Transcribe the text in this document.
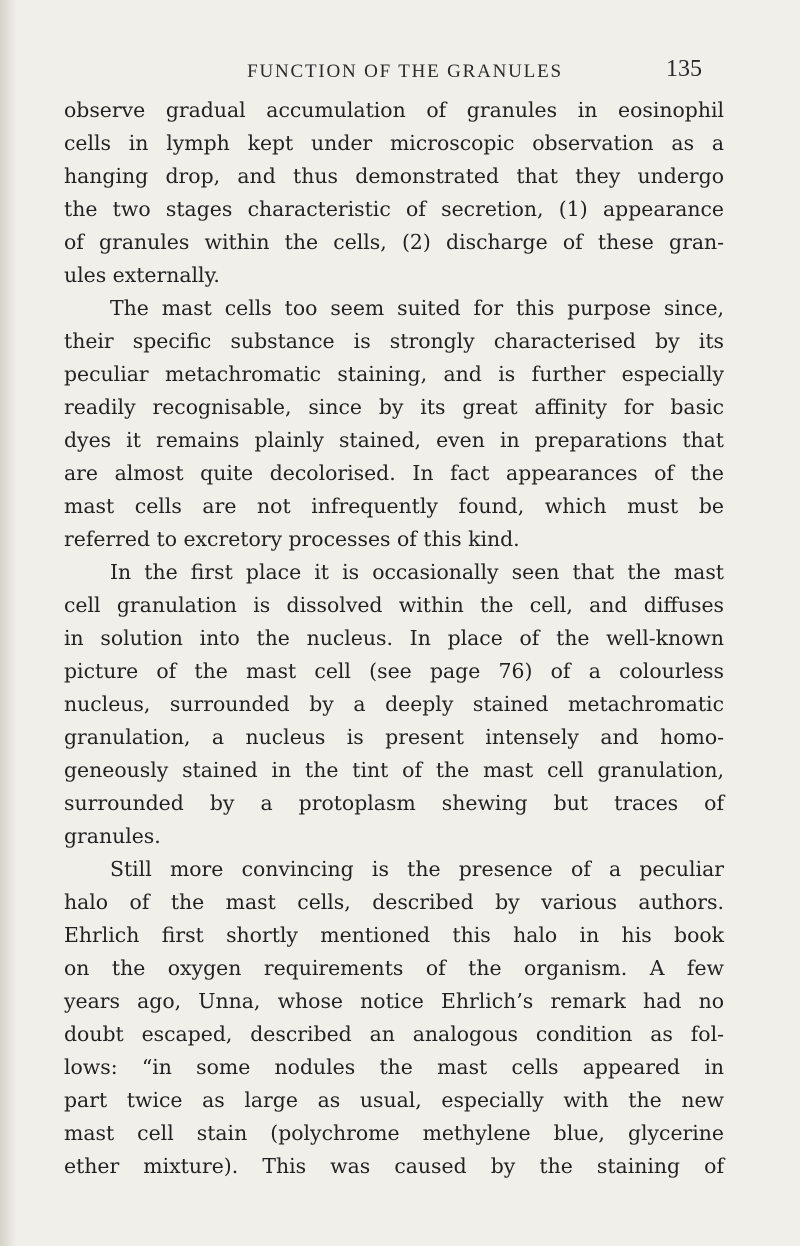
FUNCTION OF THE GRANULES	135
observe gradual accumulation of granules in eosinophil
cells in lymph kept under microscopic observation as a
hanging drop, and thus demonstrated that they undergo
the two stages characteristic of secretion, (1) appearance
of granules within the cells, (2) discharge of these gran-
ules externally.
The mast cells too seem suited for this purpose since,
their specific substance is strongly characterised by its
peculiar metachromatic staining, and is further especially
readily recognisable, since by its great affinity for basic
dyes it remains plainly stained, even in preparations that
are almost quite decolorised. In fact appearances of the
mast cells are not infrequently found, which must be
referred to excretory processes of this kind.
In the first place it is occasionally seen that the mast
cell granulation is dissolved within the cell, and diffuses
in solution into the nucleus. In place of the well-known
picture of the mast cell (see page 76) of a colourless
nucleus, surrounded by a deeply stained metachromatic
granulation, a nucleus is present intensely and homo-
geneously stained in the tint of the mast cell granulation,
surrounded by a protoplasm shewing but traces of
granules.
Still more convincing is the presence of a peculiar
halo of the mast cells, described by various authors.
Ehrlich first shortly mentioned this halo in his book
on the oxygen requirements of the organism. A few
years ago, Unna, whose notice Ehrlich’s remark had no
doubt escaped, described an analogous condition as fol-
lows: “in some nodules the mast cells appeared in
part twice as large as usual, especially with the new
mast cell stain (polychrome methylene blue, glycerine
ether mixture). This was caused by the staining of
